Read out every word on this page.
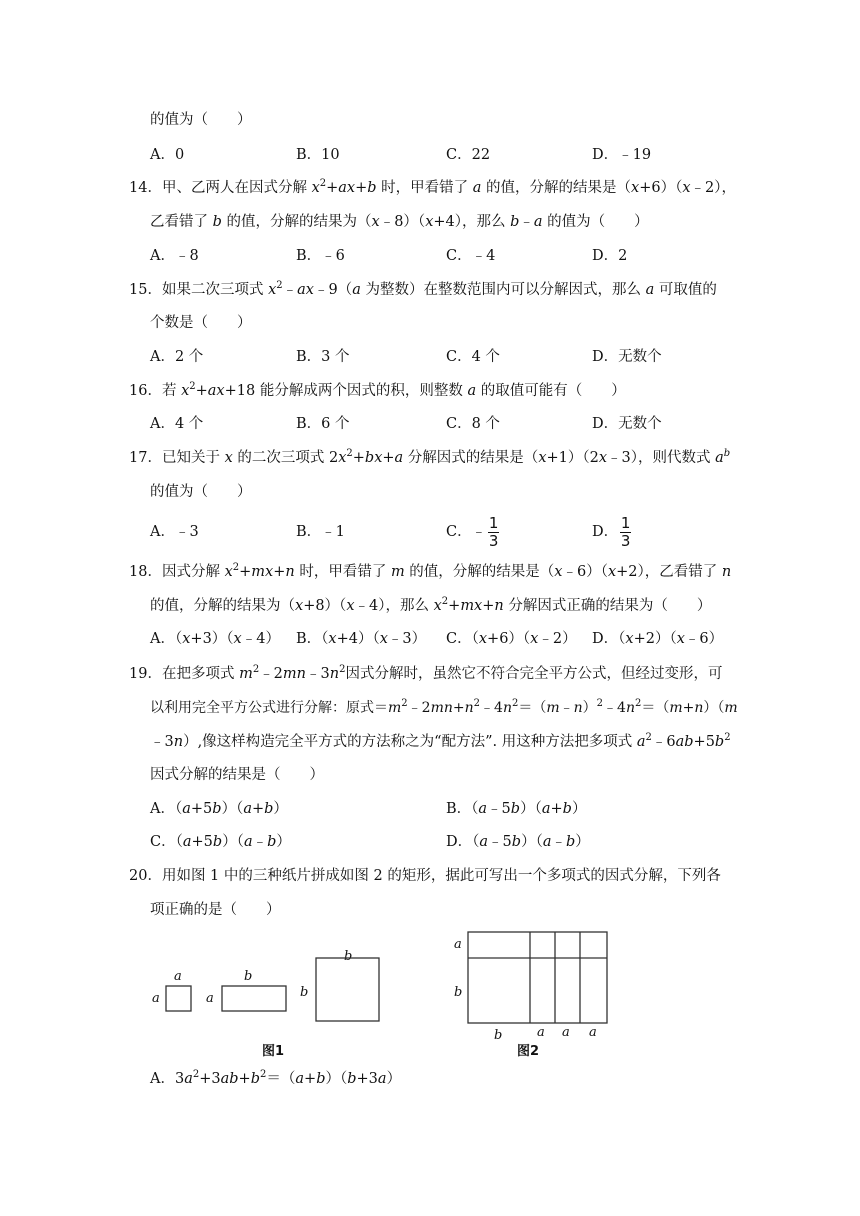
的值为（　　）
A．0	B．10	C．22	D．﹣19
14．甲、乙两人在因式分解 $x^2+ax+b$ 时，甲看错了 a 的值，分解的结果是（x+6）（x﹣2），
乙看错了 b 的值，分解的结果为（x﹣8）（x+4），那么 b﹣a 的值为（　　）
A．﹣8	B．﹣6	C．﹣4	D．2
15．如果二次三项式 $x^2﹣ax﹣9(a$ 为整数）在整数范围内可以分解因式，那么 a 可取值的
个数是（　　）
A．2 个	B．3 个	C．4 个	D．无数个
16．若 $x^2+ax+18$ 能分解成两个因式的积，则整数 a 的取值可能有（　　）
A．4 个	B．6 个	C．8 个	D．无数个
17．已知关于 x 的二次三项式 $2x^2+bx+a$ 分解因式的结果是（x+1）（2x﹣3），则代数式 $a^b$
的值为（　　）
A．﹣3	B．﹣1	C．﹣ $\frac{1}{3}$	D． $\frac{1}{3}$
18．因式分解 $x^2+mx+n$ 时，甲看错了 m 的值，分解的结果是（x﹣6）（x+2），乙看错了 n
的值，分解的结果为（x+8）（x﹣4），那么 $x^2+mx+n$ 分解因式正确的结果为（　　）
A．（x+3）（x﹣4） B．（x+4）（x﹣3） C．（x+6）（x﹣2） D．（x+2）（x﹣6）
19．在把多项式 $m^2﹣2mn﹣3n^2$因式分解时，虽然它不符合完全平方公式，但经过变形，可
以利用完全平方公式进行分解：原式$=m^2﹣2mn+n^2﹣4n^2=(m﹣n)^2﹣4n^2=(m+n)(m$
﹣3n）,像这样构造完全平方式的方法称之为“配方法”. 用这种方法把多项式 $a^2﹣6ab+5b^2$
因式分解的结果是（　　）
A．（a+5b）（a+b）	B．（a﹣5b）（a+b）
C．（a+5b）（a﹣b）	D．（a﹣5b）（a﹣b）
20．用如图 1 中的三种纸片拼成如图 2 的矩形，据此可写出一个多项式的因式分解，下列各
项正确的是（　　）
a
a
b
a
b
b
图1
a
b
b	a a a
图2
A．$3a^2+3ab+b^2=(a+b)(b+3a)$
